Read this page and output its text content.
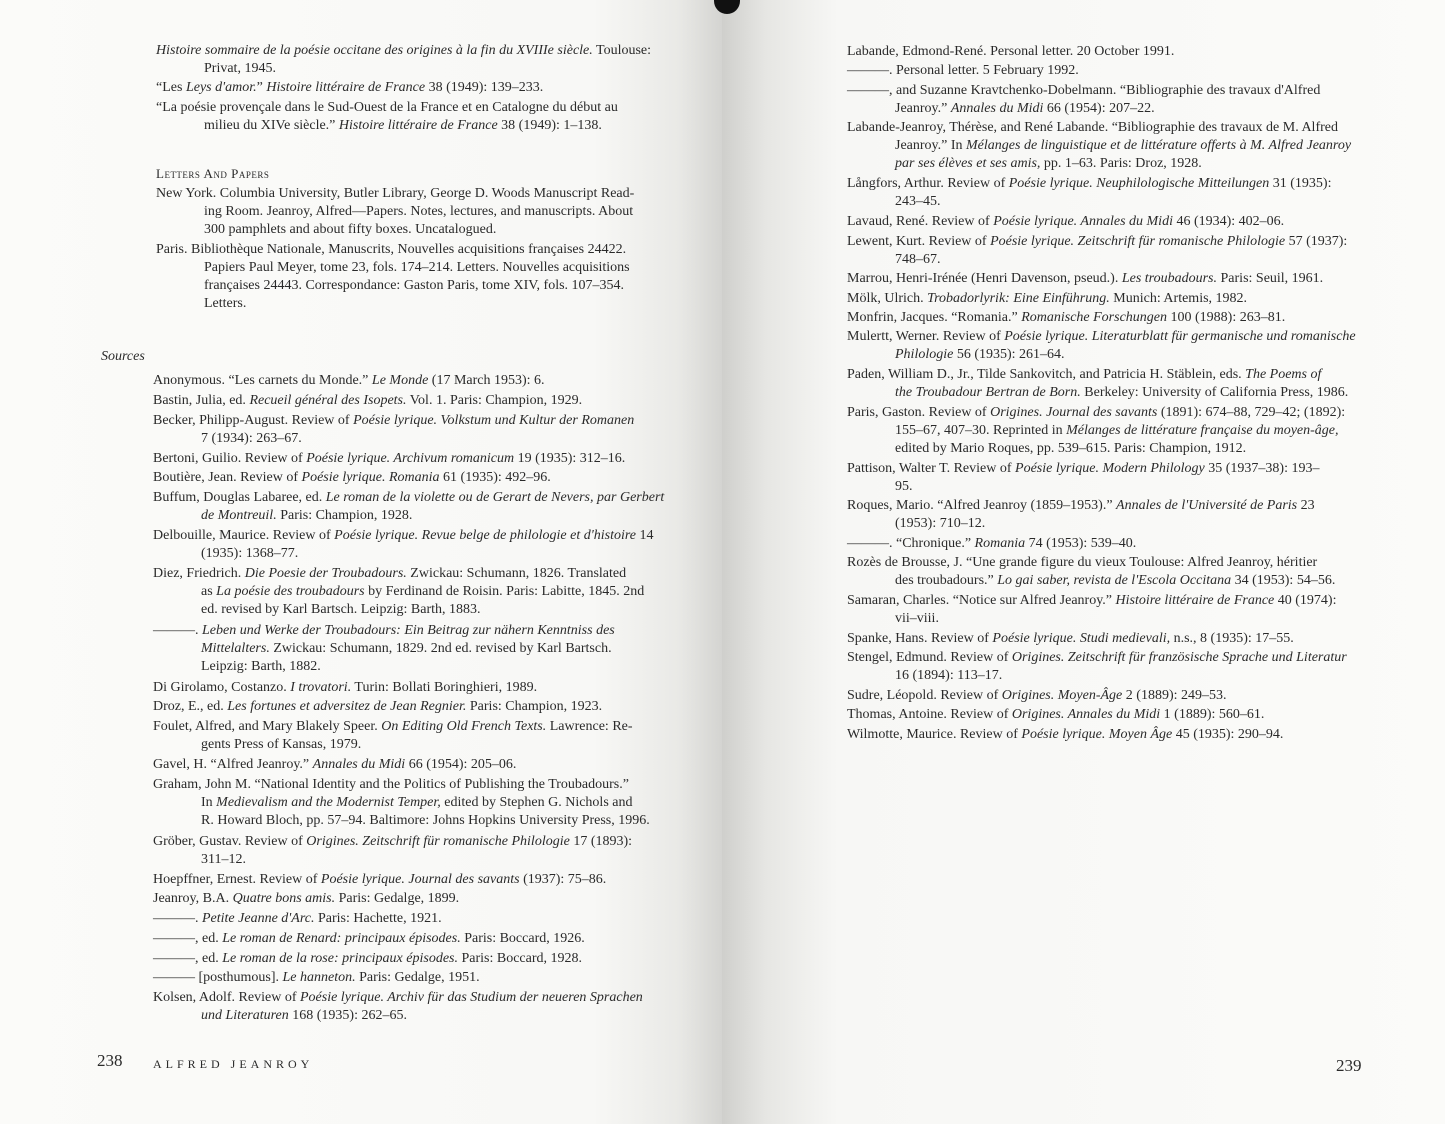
Histoire sommaire de la poésie occitane des origines à la fin du XVIIIe siècle. Toulouse:
Privat, 1945.
“Les Leys d'amor.” Histoire littéraire de France 38 (1949): 139–233.
“La poésie provençale dans le Sud-Ouest de la France et en Catalogne du début au
milieu du XIVe siècle.” Histoire littéraire de France 38 (1949): 1–138.
Letters And Papers
New York. Columbia University, Butler Library, George D. Woods Manuscript Read-
ing Room. Jeanroy, Alfred—Papers. Notes, lectures, and manuscripts. About
300 pamphlets and about fifty boxes. Uncatalogued.
Paris. Bibliothèque Nationale, Manuscrits, Nouvelles acquisitions françaises 24422.
Papiers Paul Meyer, tome 23, fols. 174–214. Letters. Nouvelles acquisitions
françaises 24443. Correspondance: Gaston Paris, tome XIV, fols. 107–354.
Letters.
Sources
Anonymous. “Les carnets du Monde.” Le Monde (17 March 1953): 6.
Bastin, Julia, ed. Recueil général des Isopets. Vol. 1. Paris: Champion, 1929.
Becker, Philipp-August. Review of Poésie lyrique. Volkstum und Kultur der Romanen
7 (1934): 263–67.
Bertoni, Guilio. Review of Poésie lyrique. Archivum romanicum 19 (1935): 312–16.
Boutière, Jean. Review of Poésie lyrique. Romania 61 (1935): 492–96.
Buffum, Douglas Labaree, ed. Le roman de la violette ou de Gerart de Nevers, par Gerbert
de Montreuil. Paris: Champion, 1928.
Delbouille, Maurice. Review of Poésie lyrique. Revue belge de philologie et d'histoire 14
(1935): 1368–77.
Diez, Friedrich. Die Poesie der Troubadours. Zwickau: Schumann, 1826. Translated
as La poésie des troubadours by Ferdinand de Roisin. Paris: Labitte, 1845. 2nd
ed. revised by Karl Bartsch. Leipzig: Barth, 1883.
———. Leben und Werke der Troubadours: Ein Beitrag zur nähern Kenntniss des
Mittelalters. Zwickau: Schumann, 1829. 2nd ed. revised by Karl Bartsch.
Leipzig: Barth, 1882.
Di Girolamo, Costanzo. I trovatori. Turin: Bollati Boringhieri, 1989.
Droz, E., ed. Les fortunes et adversitez de Jean Regnier. Paris: Champion, 1923.
Foulet, Alfred, and Mary Blakely Speer. On Editing Old French Texts. Lawrence: Re-
gents Press of Kansas, 1979.
Gavel, H. “Alfred Jeanroy.” Annales du Midi 66 (1954): 205–06.
Graham, John M. “National Identity and the Politics of Publishing the Troubadours.”
In Medievalism and the Modernist Temper, edited by Stephen G. Nichols and
R. Howard Bloch, pp. 57–94. Baltimore: Johns Hopkins University Press, 1996.
Gröber, Gustav. Review of Origines. Zeitschrift für romanische Philologie 17 (1893):
311–12.
Hoepffner, Ernest. Review of Poésie lyrique. Journal des savants (1937): 75–86.
Jeanroy, B.A. Quatre bons amis. Paris: Gedalge, 1899.
———. Petite Jeanne d'Arc. Paris: Hachette, 1921.
———, ed. Le roman de Renard: principaux épisodes. Paris: Boccard, 1926.
———, ed. Le roman de la rose: principaux épisodes. Paris: Boccard, 1928.
——— [posthumous]. Le hanneton. Paris: Gedalge, 1951.
Kolsen, Adolf. Review of Poésie lyrique. Archiv für das Studium der neueren Sprachen
und Literaturen 168 (1935): 262–65.
238	ALFRED JEANROY
Labande, Edmond-René. Personal letter. 20 October 1991.
———. Personal letter. 5 February 1992.
———, and Suzanne Kravtchenko-Dobelmann. “Bibliographie des travaux d'Alfred
Jeanroy.” Annales du Midi 66 (1954): 207–22.
Labande-Jeanroy, Thérèse, and René Labande. “Bibliographie des travaux de M. Alfred
Jeanroy.” In Mélanges de linguistique et de littérature offerts à M. Alfred Jeanroy
par ses élèves et ses amis, pp. 1–63. Paris: Droz, 1928.
Långfors, Arthur. Review of Poésie lyrique. Neuphilologische Mitteilungen 31 (1935):
243–45.
Lavaud, René. Review of Poésie lyrique. Annales du Midi 46 (1934): 402–06.
Lewent, Kurt. Review of Poésie lyrique. Zeitschrift für romanische Philologie 57 (1937):
748–67.
Marrou, Henri-Irénée (Henri Davenson, pseud.). Les troubadours. Paris: Seuil, 1961.
Mölk, Ulrich. Trobadorlyrik: Eine Einführung. Munich: Artemis, 1982.
Monfrin, Jacques. “Romania.” Romanische Forschungen 100 (1988): 263–81.
Mulertt, Werner. Review of Poésie lyrique. Literaturblatt für germanische und romanische
Philologie 56 (1935): 261–64.
Paden, William D., Jr., Tilde Sankovitch, and Patricia H. Stäblein, eds. The Poems of
the Troubadour Bertran de Born. Berkeley: University of California Press, 1986.
Paris, Gaston. Review of Origines. Journal des savants (1891): 674–88, 729–42; (1892):
155–67, 407–30. Reprinted in Mélanges de littérature française du moyen-âge,
edited by Mario Roques, pp. 539–615. Paris: Champion, 1912.
Pattison, Walter T. Review of Poésie lyrique. Modern Philology 35 (1937–38): 193–
95.
Roques, Mario. “Alfred Jeanroy (1859–1953).” Annales de l'Université de Paris 23
(1953): 710–12.
———. “Chronique.” Romania 74 (1953): 539–40.
Rozès de Brousse, J. “Une grande figure du vieux Toulouse: Alfred Jeanroy, héritier
des troubadours.” Lo gai saber, revista de l'Escola Occitana 34 (1953): 54–56.
Samaran, Charles. “Notice sur Alfred Jeanroy.” Histoire littéraire de France 40 (1974):
vii–viii.
Spanke, Hans. Review of Poésie lyrique. Studi medievali, n.s., 8 (1935): 17–55.
Stengel, Edmund. Review of Origines. Zeitschrift für französische Sprache und Literatur
16 (1894): 113–17.
Sudre, Léopold. Review of Origines. Moyen-Âge 2 (1889): 249–53.
Thomas, Antoine. Review of Origines. Annales du Midi 1 (1889): 560–61.
Wilmotte, Maurice. Review of Poésie lyrique. Moyen Âge 45 (1935): 290–94.
239
